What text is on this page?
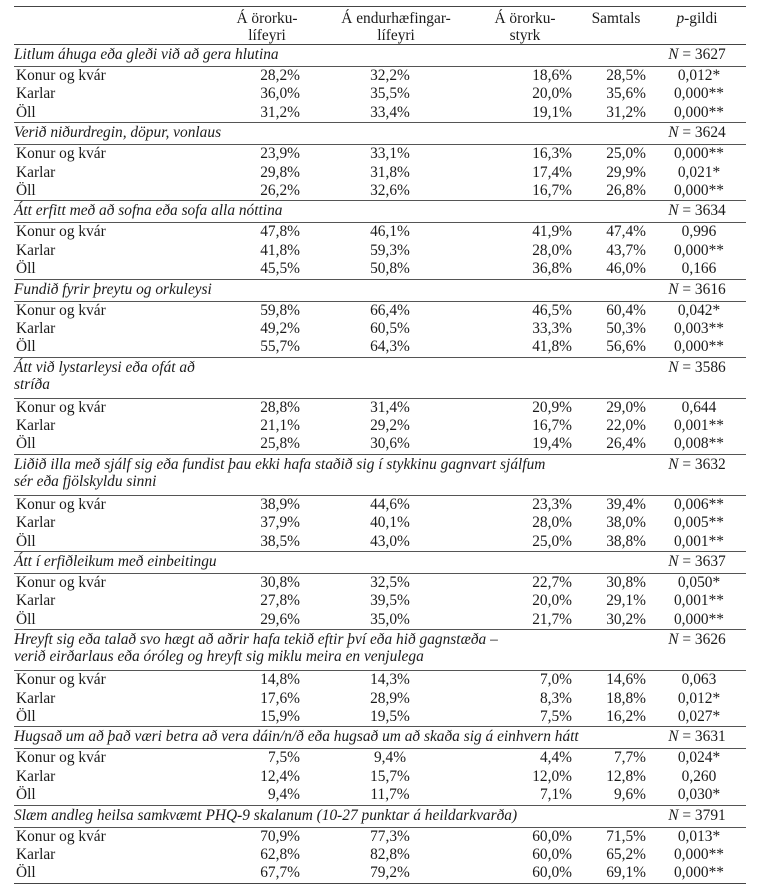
	Á örorku-
lífeyri	Á endurhæfingar-
lífeyri	Á örorku-
styrk	Samtals	p-gildi
Litlum áhuga eða gleði við að gera hlutina					N = 3627
Konur og kvár	28,2%	32,2%	18,6%	28,5%	0,012*
Karlar	36,0%	35,5%	20,0%	35,6%	0,000**
Öll	31,2%	33,4%	19,1%	31,2%	0,000**
Verið niðurdregin, döpur, vonlaus					N = 3624
Konur og kvár	23,9%	33,1%	16,3%	25,0%	0,000**
Karlar	29,8%	31,8%	17,4%	29,9%	0,021*
Öll	26,2%	32,6%	16,7%	26,8%	0,000**
Átt erfitt með að sofna eða sofa alla nóttina					N = 3634
Konur og kvár	47,8%	46,1%	41,9%	47,4%	0,996
Karlar	41,8%	59,3%	28,0%	43,7%	0,000**
Öll	45,5%	50,8%	36,8%	46,0%	0,166
Fundið fyrir þreytu og orkuleysi					N = 3616
Konur og kvár	59,8%	66,4%	46,5%	60,4%	0,042*
Karlar	49,2%	60,5%	33,3%	50,3%	0,003**
Öll	55,7%	64,3%	41,8%	56,6%	0,000**
Átt við lystarleysi eða ofát að
stríða					N = 3586
Konur og kvár	28,8%	31,4%	20,9%	29,0%	0,644
Karlar	21,1%	29,2%	16,7%	22,0%	0,001**
Öll	25,8%	30,6%	19,4%	26,4%	0,008**
Liðið illa með sjálf sig eða fundist þau ekki hafa staðið sig í stykkinu gagnvart sjálfum
sér eða fjölskyldu sinni					N = 3632
Konur og kvár	38,9%	44,6%	23,3%	39,4%	0,006**
Karlar	37,9%	40,1%	28,0%	38,0%	0,005**
Öll	38,5%	43,0%	25,0%	38,8%	0,001**
Átt í erfiðleikum með einbeitingu					N = 3637
Konur og kvár	30,8%	32,5%	22,7%	30,8%	0,050*
Karlar	27,8%	39,5%	20,0%	29,1%	0,001**
Öll	29,6%	35,0%	21,7%	30,2%	0,000**
Hreyft sig eða talað svo hægt að aðrir hafa tekið eftir því eða hið gagnstæða –
verið eirðarlaus eða óróleg og hreyft sig miklu meira en venjulega					N = 3626
Konur og kvár	14,8%	14,3%	7,0%	14,6%	0,063
Karlar	17,6%	28,9%	8,3%	18,8%	0,012*
Öll	15,9%	19,5%	7,5%	16,2%	0,027*
Hugsað um að það væri betra að vera dáin/n/ð eða hugsað um að skaða sig á einhvern hátt					N = 3631
Konur og kvár	7,5%	9,4%	4,4%	7,7%	0,024*
Karlar	12,4%	15,7%	12,0%	12,8%	0,260
Öll	9,4%	11,7%	7,1%	9,6%	0,030*
Slæm andleg heilsa samkvæmt PHQ-9 skalanum (10-27 punktar á heildarkvarða)					N = 3791
Konur og kvár	70,9%	77,3%	60,0%	71,5%	0,013*
Karlar	62,8%	82,8%	60,0%	65,2%	0,000**
Öll	67,7%	79,2%	60,0%	69,1%	0,000**
